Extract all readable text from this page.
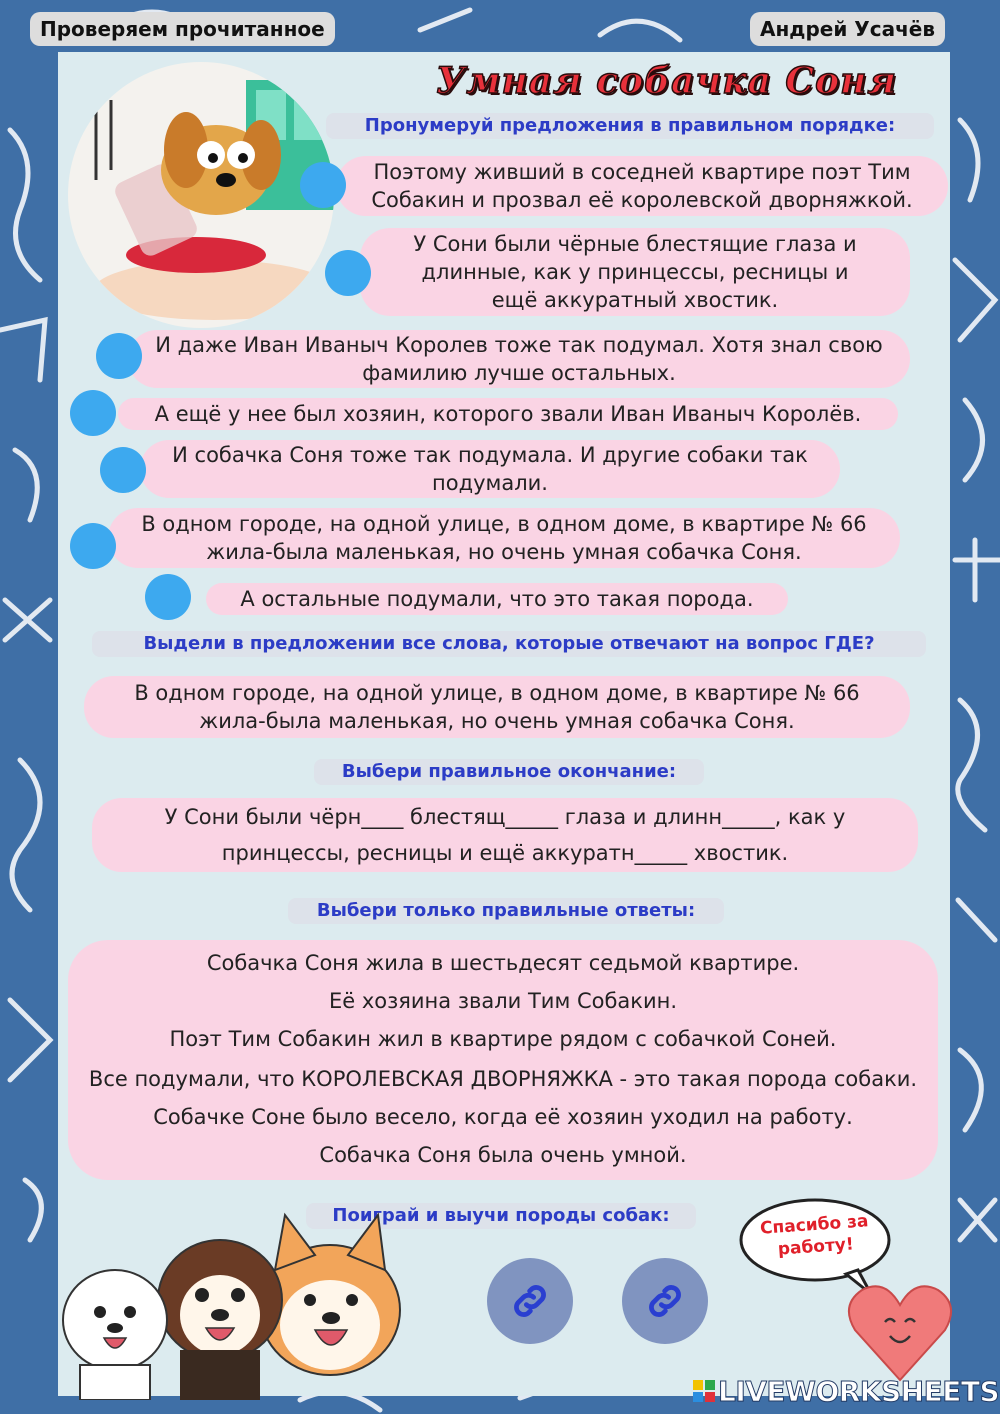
Проверяем прочитанное	Андрей Усачёв
Умная собачка Соня
Пронумеруй предложения в правильном порядке:
Поэтому живший в соседней квартире поэт Тим Собакин и прозвал её королевской дворняжкой.
У Сони были чёрные блестящие глаза и длинные, как у принцессы, ресницы и ещё аккуратный хвостик.
И даже Иван Иваныч Королев тоже так подумал. Хотя знал свою фамилию лучше остальных.
А ещё у нее был хозяин, которого звали Иван Иваныч Королёв.
И собачка Соня тоже так подумала. И другие собаки так подумали.
В одном городе, на одной улице, в одном доме, в квартире № 66 жила-была маленькая, но очень умная собачка Соня.
А остальные подумали, что это такая порода.
Выдели в предложении все слова, которые отвечают на вопрос ГДЕ?
В одном городе, на одной улице, в одном доме, в квартире № 66 жила-была маленькая, но очень умная собачка Соня.
Выбери правильное окончание:
У Сони были чёрн____ блестящ_____ глаза и длинн_____, как у принцессы, ресницы и ещё аккуратн_____ хвостик.
Выбери только правильные ответы:
Собачка Соня жила в шестьдесят седьмой квартире.
Её хозяина звали Тим Собакин.
Поэт Тим Собакин жил в квартире рядом с собачкой Соней.
Все подумали, что КОРОЛЕВСКАЯ ДВОРНЯЖКА - это такая порода собаки.
Собачке Соне было весело, когда её хозяин уходил на работу.
Собачка Соня была очень умной.
Поиграй и выучи породы собак:	Спасибо за работу!
LIVEWORKSHEETS
